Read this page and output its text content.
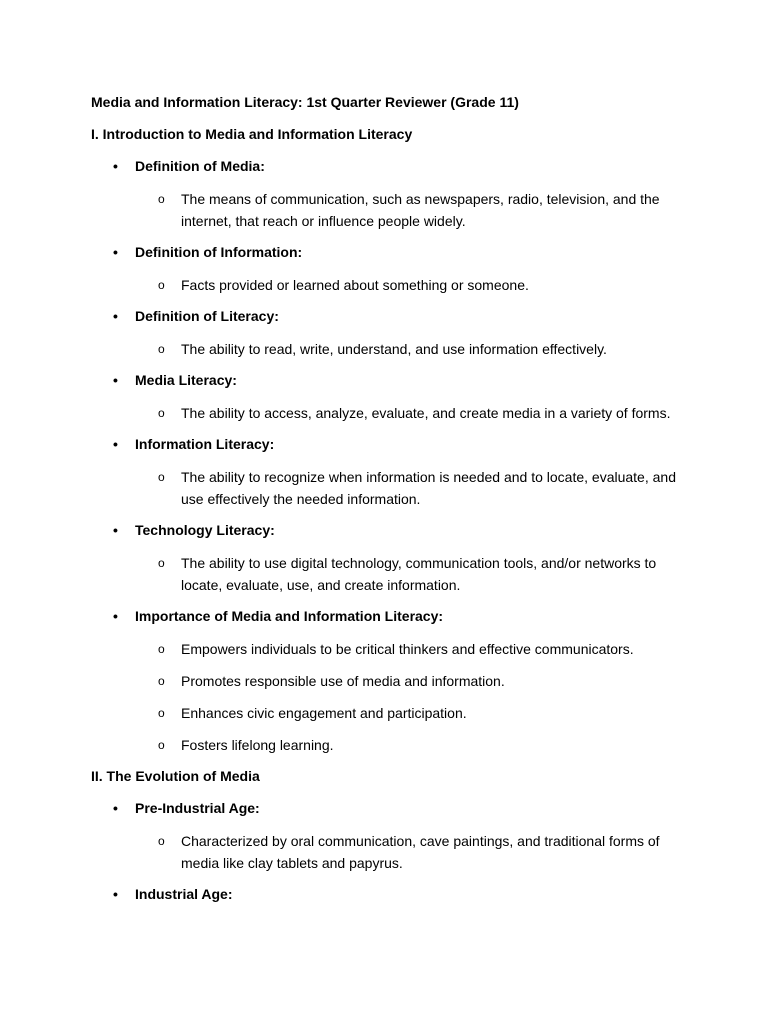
Media and Information Literacy: 1st Quarter Reviewer (Grade 11)
I. Introduction to Media and Information Literacy
•	Definition of Media:
o	The means of communication, such as newspapers, radio, television, and the internet, that reach or influence people widely.
•	Definition of Information:
o	Facts provided or learned about something or someone.
•	Definition of Literacy:
o	The ability to read, write, understand, and use information effectively.
•	Media Literacy:
o	The ability to access, analyze, evaluate, and create media in a variety of forms.
•	Information Literacy:
o	The ability to recognize when information is needed and to locate, evaluate, and use effectively the needed information.
•	Technology Literacy:
o	The ability to use digital technology, communication tools, and/or networks to locate, evaluate, use, and create information.
•	Importance of Media and Information Literacy:
o	Empowers individuals to be critical thinkers and effective communicators.
o	Promotes responsible use of media and information.
o	Enhances civic engagement and participation.
o	Fosters lifelong learning.
II. The Evolution of Media
•	Pre-Industrial Age:
o	Characterized by oral communication, cave paintings, and traditional forms of media like clay tablets and papyrus.
•	Industrial Age:
